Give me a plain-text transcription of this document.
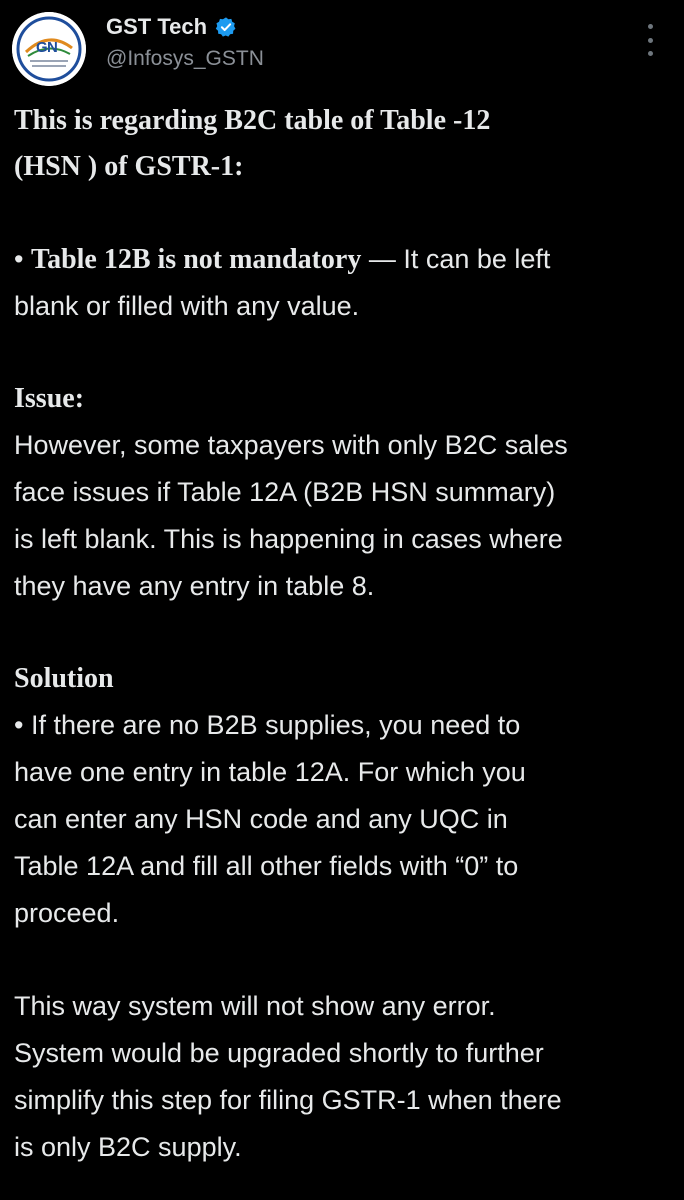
G N
GST Tech
@Infosys_GSTN

This is regarding B2C table of Table -12

(HSN ) of GSTR-1:

• Table 12B is not mandatory — It can be left

blank or filled with any value.

Issue:

However, some taxpayers with only B2C sales

face issues if Table 12A (B2B HSN summary)

is left blank. This is happening in cases where

they have any entry in table 8.

Solution

• If there are no B2B supplies, you need to

have one entry in table 12A. For which you

can enter any HSN code and any UQC in

Table 12A and fill all other fields with “0” to

proceed.

This way system will not show any error.

System would be upgraded shortly to further

simplify this step for filing GSTR-1 when there

is only B2C supply.
